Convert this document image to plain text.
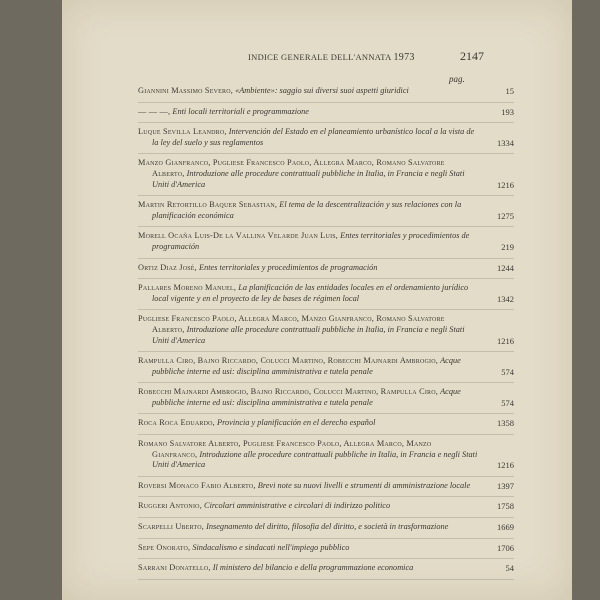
INDICE GENERALE DELL'ANNATA 1973	2147
pag.
Giannini Massimo Severo, «Ambiente»: saggio sui diversi suoi aspetti giuridici	15
— — —, Enti locali territoriali e programmazione	193
Luque Sevilla Leandro, Intervención del Estado en el planeamiento urbanístico local a la vista de la ley del suelo y sus reglamentos	1334
Manzo Gianfranco, Pugliese Francesco Paolo, Allegra Marco, Romano Salvatore Alberto, Introduzione alle procedure contrattuali pubbliche in Italia, in Francia e negli Stati Uniti d'America	1216
Martin Retortillo Baquer Sebastian, El tema de la descentralización y sus relaciones con la planificación económica	1275
Morell Ocaña Luis-De la Vallina Velarde Juan Luis, Entes territoriales y procedimientos de programación	219
Ortiz Diaz José, Entes territoriales y procedimientos de programación	1244
Pallares Moreno Manuel, La planificación de las entidades locales en el ordenamiento jurídico local vigente y en el proyecto de ley de bases de régimen local	1342
Pugliese Francesco Paolo, Allegra Marco, Manzo Gianfranco, Romano Salvatore Alberto, Introduzione alle procedure contrattuali pubbliche in Italia, in Francia e negli Stati Uniti d'America	1216
Rampulla Ciro, Bajno Riccardo, Colucci Martino, Robecchi Majnardi Ambrogio, Acque pubbliche interne ed usi: disciplina amministrativa e tutela penale	574
Robecchi Majnardi Ambrogio, Bajno Riccardo, Colucci Martino, Rampulla Ciro, Acque pubbliche interne ed usi: disciplina amministrativa e tutela penale	574
Roca Roca Eduardo, Provincia y planificación en el derecho español	1358
Romano Salvatore Alberto, Pugliese Francesco Paolo, Allegra Marco, Manzo Gianfranco, Introduzione alle procedure contrattuali pubbliche in Italia, in Francia e negli Stati Uniti d'America	1216
Roversi Monaco Fabio Alberto, Brevi note su nuovi livelli e strumenti di amministrazione locale	1397
Ruggeri Antonio, Circolari amministrative e circolari di indirizzo politico	1758
Scarpelli Uberto, Insegnamento del diritto, filosofia del diritto, e società in trasformazione	1669
Sepe Onorato, Sindacalismo e sindacati nell'impiego pubblico	1706
Sarrani Donatello, Il ministero del bilancio e della programmazione economica	54
